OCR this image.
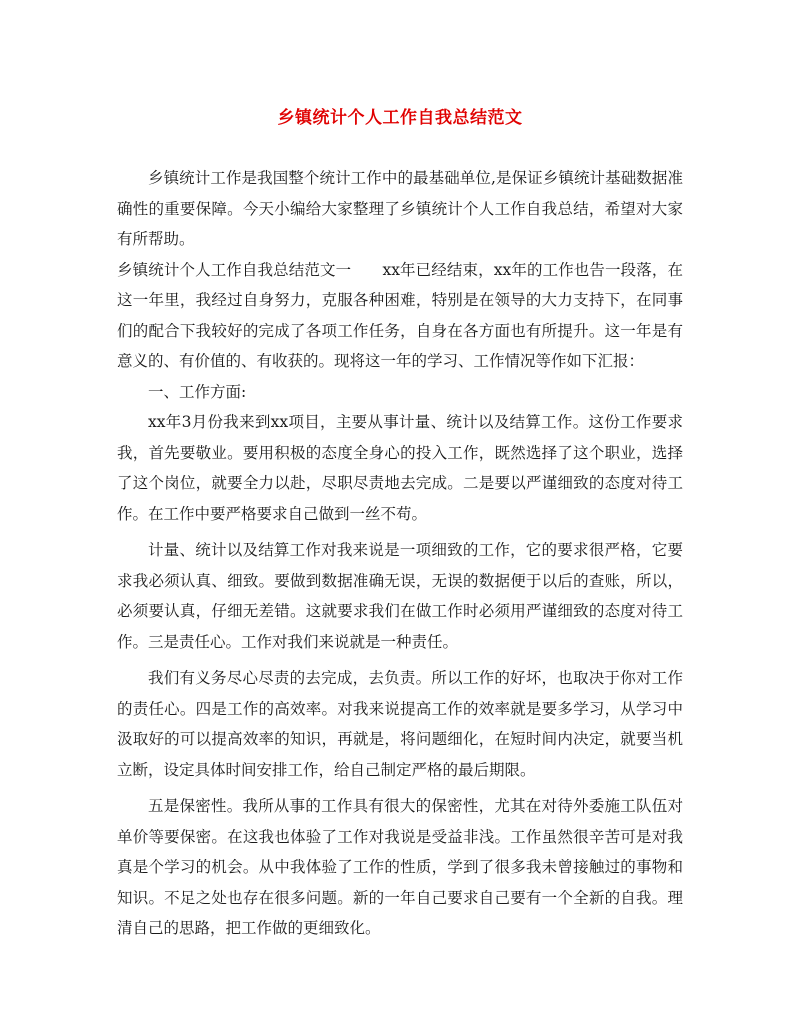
乡镇统计个人工作自我总结范文

乡镇统计工作是我国整个统计工作中的最基础单位,是保证乡镇统计基础数据准确性的重要保障。今天小编给大家整理了乡镇统计个人工作自我总结，希望对大家有所帮助。

乡镇统计个人工作自我总结范文一　　xx年已经结束，xx年的工作也告一段落，在这一年里，我经过自身努力，克服各种困难，特别是在领导的大力支持下，在同事们的配合下我较好的完成了各项工作任务，自身在各方面也有所提升。这一年是有意义的、有价值的、有收获的。现将这一年的学习、工作情况等作如下汇报：

一、工作方面:

xx年3月份我来到xx项目，主要从事计量、统计以及结算工作。这份工作要求我，首先要敬业。要用积极的态度全身心的投入工作，既然选择了这个职业，选择了这个岗位，就要全力以赴，尽职尽责地去完成。二是要以严谨细致的态度对待工作。在工作中要严格要求自己做到一丝不苟。

计量、统计以及结算工作对我来说是一项细致的工作，它的要求很严格，它要求我必须认真、细致。要做到数据准确无误，无误的数据便于以后的查账，所以，必须要认真，仔细无差错。这就要求我们在做工作时必须用严谨细致的态度对待工作。三是责任心。工作对我们来说就是一种责任。

我们有义务尽心尽责的去完成，去负责。所以工作的好坏，也取决于你对工作的责任心。四是工作的高效率。对我来说提高工作的效率就是要多学习，从学习中汲取好的可以提高效率的知识，再就是，将问题细化，在短时间内决定，就要当机立断，设定具体时间安排工作，给自己制定严格的最后期限。

五是保密性。我所从事的工作具有很大的保密性，尤其在对待外委施工队伍对单价等要保密。在这我也体验了工作对我说是受益非浅。工作虽然很辛苦可是对我真是个学习的机会。从中我体验了工作的性质，学到了很多我未曾接触过的事物和知识。不足之处也存在很多问题。新的一年自己要求自己要有一个全新的自我。理清自己的思路，把工作做的更细致化。
